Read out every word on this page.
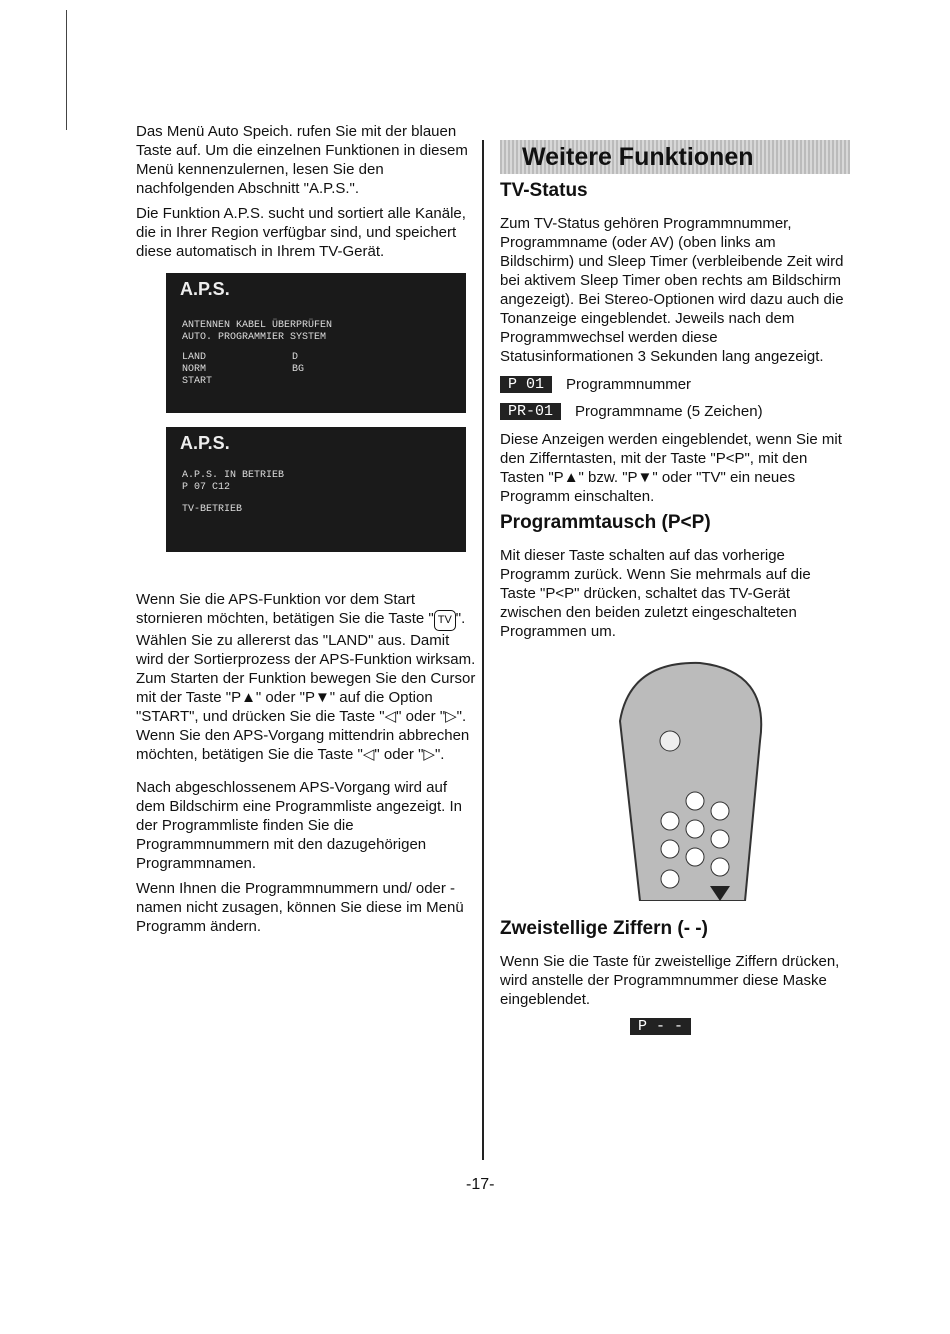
Das Menü Auto Speich. rufen Sie mit der blauen Taste auf. Um die einzelnen Funktionen in diesem Menü kennenzulernen, lesen Sie den nachfolgenden Abschnitt "A.P.S.".

Die Funktion A.P.S. sucht und sortiert alle Kanäle, die in Ihrer Region verfügbar sind, und speichert diese automatisch in Ihrem TV-Gerät.

A.P.S.
ANTENNEN KABEL ÜBERPRÜFEN
AUTO. PROGRAMMIER SYSTEM
LAND	D
NORM	BG
START
A.P.S.
A.P.S. IN BETRIEB
P 07 C12
TV-BETRIEB

Wenn Sie die APS-Funktion vor dem Start stornieren möchten, betätigen Sie die Taste " TV ". Wählen Sie zu allererst das "LAND" aus. Damit wird der Sortierprozess der APS-Funktion wirksam. Zum Starten der Funktion bewegen Sie den Cursor mit der Taste "P▲" oder "P▼" auf die Option "START", und drücken Sie die Taste "◁" oder "▷". Wenn Sie den APS-Vorgang mittendrin abbrechen möchten, betätigen Sie die Taste "◁" oder "▷".

Nach abgeschlossenem APS-Vorgang wird auf dem Bildschirm eine Programmliste angezeigt. In der Programmliste finden Sie die Programmnummern mit den dazugehörigen Programmnamen.

Wenn Ihnen die Programmnummern und/ oder -namen nicht zusagen, können Sie diese im Menü Programm ändern.

Weitere Funktionen
TV-Status

Zum TV-Status gehören Programmnummer, Programmname (oder AV) (oben links am Bildschirm) und Sleep Timer (verbleibende Zeit wird bei aktivem Sleep Timer oben rechts am Bildschirm angezeigt). Bei Stereo-Optionen wird dazu auch die Tonanzeige eingeblendet. Jeweils nach dem Programmwechsel werden diese Statusinformationen 3 Sekunden lang angezeigt.

P 01	Programmnummer
PR-01	Programmname (5 Zeichen)

Diese Anzeigen werden eingeblendet, wenn Sie mit den Zifferntasten, mit der Taste "P<P", mit den Tasten "P▲" bzw. "P▼" oder "TV" ein neues Programm einschalten.

Programmtausch (P<P)

Mit dieser Taste schalten auf das vorherige Programm zurück. Wenn Sie mehrmals auf die Taste "P<P" drücken, schaltet das TV-Gerät zwischen den beiden zuletzt eingeschalteten Programmen um.

Zweistellige Ziffern (- -)

Wenn Sie die Taste für zweistellige Ziffern drücken, wird anstelle der Programmnummer diese Maske eingeblendet.

P - -
-17-
